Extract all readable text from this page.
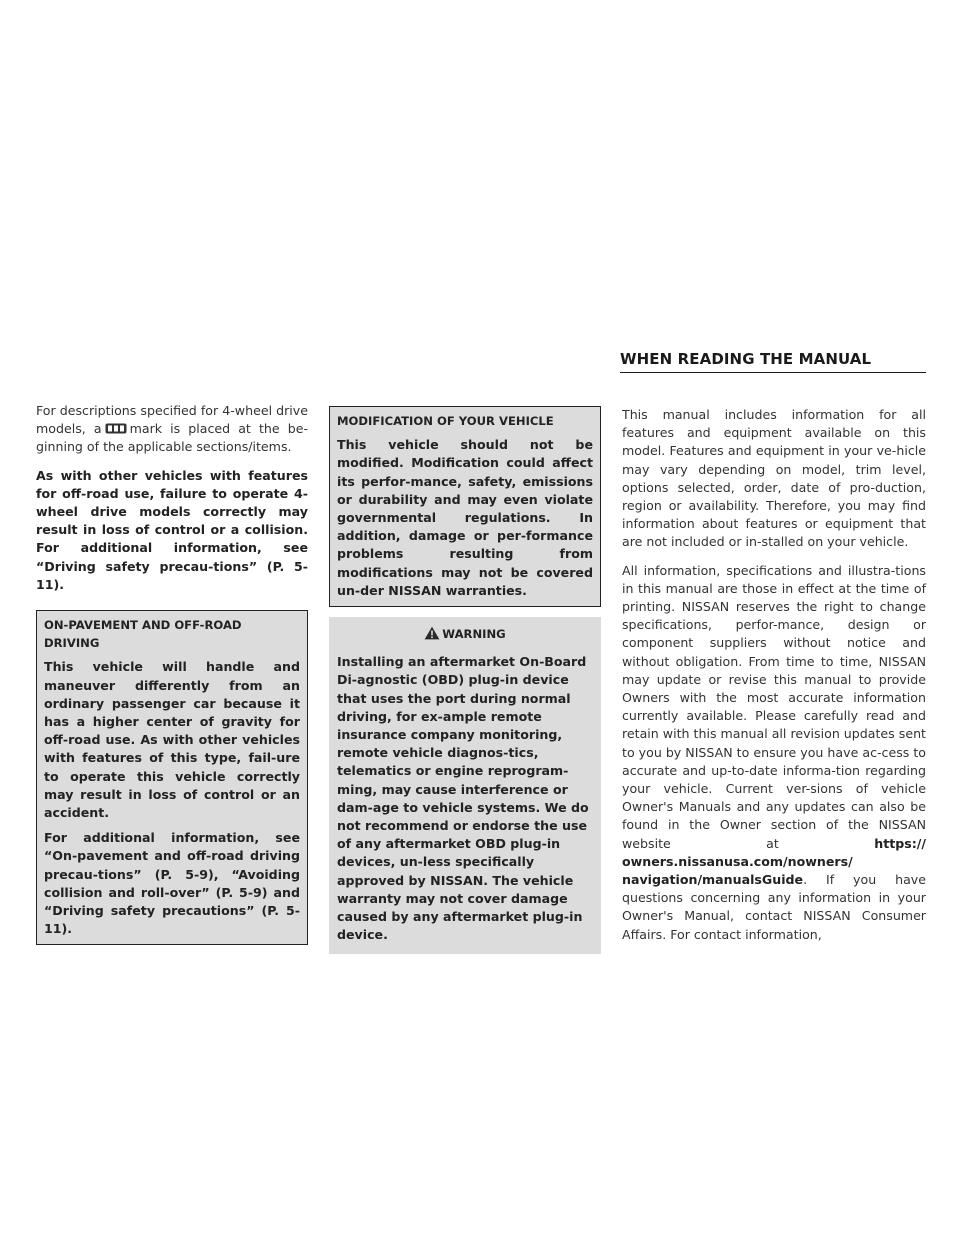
WHEN READING THE MANUAL

For descriptions specified for 4-wheel drive models, a mark is placed at the be-ginning of the applicable sections/items.

As with other vehicles with features for off-road use, failure to operate 4-wheel drive models correctly may result in loss of control or a collision. For additional information, see “Driving safety precau-tions” (P. 5-11).

ON-PAVEMENT AND OFF-ROAD DRIVING

This vehicle will handle and maneuver differently from an ordinary passenger car because it has a higher center of gravity for off-road use. As with other vehicles with features of this type, fail-ure to operate this vehicle correctly may result in loss of control or an accident.

For additional information, see “On-pavement and off-road driving precau-tions” (P. 5-9), “Avoiding collision and roll-over” (P. 5-9) and “Driving safety precautions” (P. 5-11).

MODIFICATION OF YOUR VEHICLE

This vehicle should not be modified. Modification could affect its perfor-mance, safety, emissions or durability and may even violate governmental regulations. In addition, damage or per-formance problems resulting from modifications may not be covered un-der NISSAN warranties.

WARNING

Installing an aftermarket On-Board Di-agnostic (OBD) plug-in device that uses the port during normal driving, for ex-ample remote insurance company monitoring, remote vehicle diagnos-tics, telematics or engine reprogram-ming, may cause interference or dam-age to vehicle systems. We do not recommend or endorse the use of any aftermarket OBD plug-in devices, un-less specifically approved by NISSAN. The vehicle warranty may not cover damage caused by any aftermarket plug-in device.

This manual includes information for all features and equipment available on this model. Features and equipment in your ve-hicle may vary depending on model, trim level, options selected, order, date of pro-duction, region or availability. Therefore, you may find information about features or equipment that are not included or in-stalled on your vehicle.

All information, specifications and illustra-tions in this manual are those in effect at the time of printing. NISSAN reserves the right to change specifications, perfor-mance, design or component suppliers without notice and without obligation. From time to time, NISSAN may update or revise this manual to provide Owners with the most accurate information currently available. Please carefully read and retain with this manual all revision updates sent to you by NISSAN to ensure you have ac-cess to accurate and up-to-date informa-tion regarding your vehicle. Current ver-sions of vehicle Owner's Manuals and any updates can also be found in the Owner section of the NISSAN website at https:// owners.nissanusa.com/nowners/ navigation/manualsGuide. If you have questions concerning any information in your Owner's Manual, contact NISSAN Consumer Affairs. For contact information,
